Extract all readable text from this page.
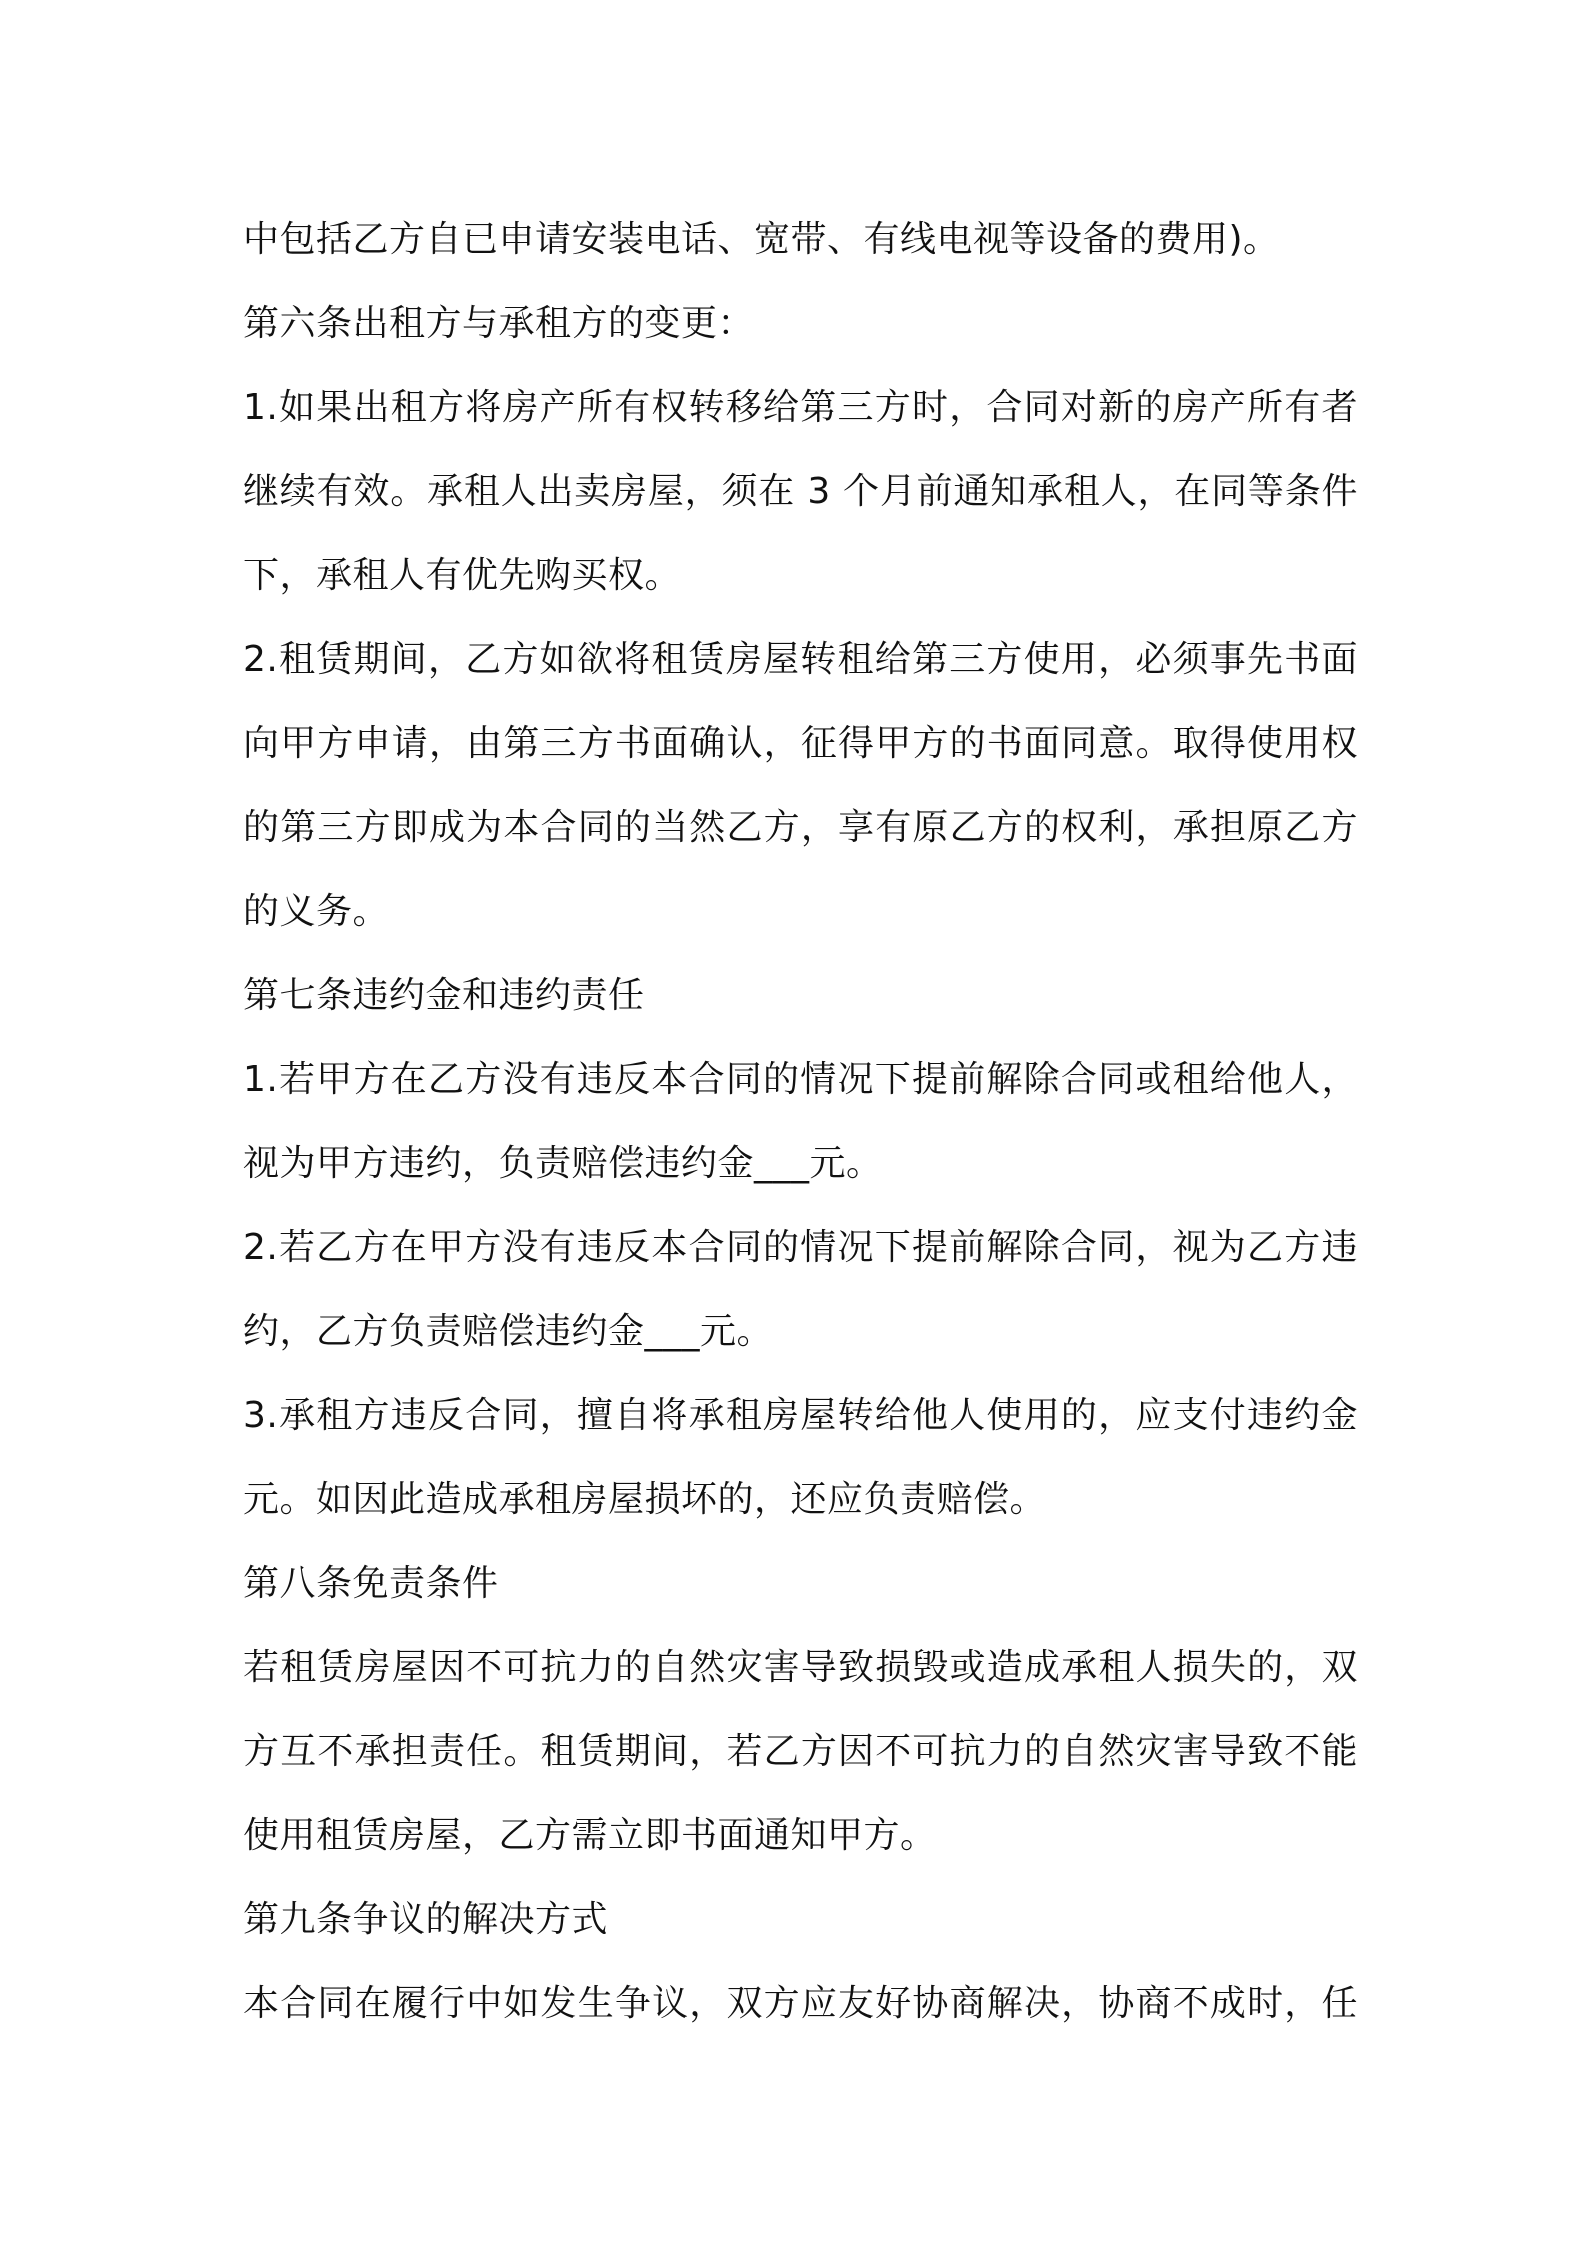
中包括乙方自已申请安装电话、宽带、有线电视等设备的费用)。
第六条出租方与承租方的变更：
1.如果出租方将房产所有权转移给第三方时，合同对新的房产所有者
继续有效。承租人出卖房屋，须在 3 个月前通知承租人，在同等条件
下，承租人有优先购买权。
2.租赁期间，乙方如欲将租赁房屋转租给第三方使用，必须事先书面
向甲方申请，由第三方书面确认，征得甲方的书面同意。取得使用权
的第三方即成为本合同的当然乙方，享有原乙方的权利，承担原乙方
的义务。
第七条违约金和违约责任
1.若甲方在乙方没有违反本合同的情况下提前解除合同或租给他人，
视为甲方违约，负责赔偿违约金___元。
2.若乙方在甲方没有违反本合同的情况下提前解除合同，视为乙方违
约，乙方负责赔偿违约金___元。
3.承租方违反合同，擅自将承租房屋转给他人使用的，应支付违约金
元。如因此造成承租房屋损坏的，还应负责赔偿。
第八条免责条件
若租赁房屋因不可抗力的自然灾害导致损毁或造成承租人损失的，双
方互不承担责任。租赁期间，若乙方因不可抗力的自然灾害导致不能
使用租赁房屋，乙方需立即书面通知甲方。
第九条争议的解决方式
本合同在履行中如发生争议，双方应友好协商解决，协商不成时，任
